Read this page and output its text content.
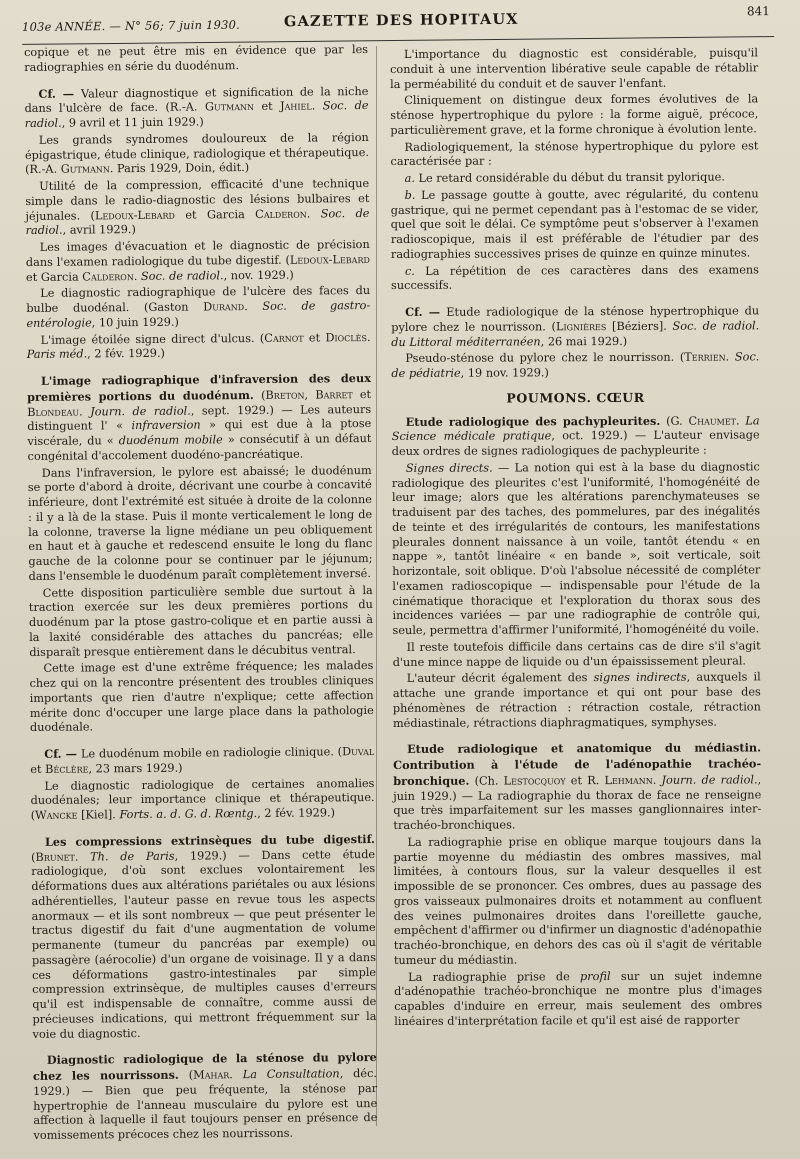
103e ANNÉE. — N° 56; 7 juin 1930.	GAZETTE DES HOPITAUX	841

copique et ne peut être mis en évidence que par les radiographies en série du duodénum.

Cf. — Valeur diagnostique et signification de la niche dans l'ulcère de face. (R.-A. Gutmann et Jahiel. Soc. de radiol., 9 avril et 11 juin 1929.)

Les grands syndromes douloureux de la région épigastrique, étude clinique, radiologique et thérapeutique. (R.-A. Gutmann. Paris 1929, Doin, édit.)

Utilité de la compression, efficacité d'une technique simple dans le radio-diagnostic des lésions bulbaires et jéjunales. (Ledoux-Lebard et Garcia Calderon. Soc. de radiol., avril 1929.)

Les images d'évacuation et le diagnostic de précision dans l'examen radiologique du tube digestif. (Ledoux-Lebard et Garcia Calderon. Soc. de radiol., nov. 1929.)

Le diagnostic radiographique de l'ulcère des faces du bulbe duodénal. (Gaston Durand. Soc. de gastro-entérologie, 10 juin 1929.)

L'image étoilée signe direct d'ulcus. (Carnot et Dioclès. Paris méd., 2 fév. 1929.)

L'image radiographique d'infraversion des deux premières portions du duodénum. (Breton, Barret et Blondeau. Journ. de radiol., sept. 1929.) — Les auteurs distinguent l' « infraversion » qui est due à la ptose viscérale, du « duodénum mobile » consécutif à un défaut congénital d'accolement duodéno-pancréatique.

Dans l'infraversion, le pylore est abaissé; le duodénum se porte d'abord à droite, décrivant une courbe à concavité inférieure, dont l'extrémité est située à droite de la colonne : il y a là de la stase. Puis il monte verticalement le long de la colonne, traverse la ligne médiane un peu obliquement en haut et à gauche et redescend ensuite le long du flanc gauche de la colonne pour se continuer par le jéjunum; dans l'ensemble le duodénum paraît complètement inversé.

Cette disposition particulière semble due surtout à la traction exercée sur les deux premières portions du duodénum par la ptose gastro-colique et en partie aussi à la laxité considérable des attaches du pancréas; elle disparaît presque entièrement dans le décubitus ventral.

Cette image est d'une extrême fréquence; les malades chez qui on la rencontre présentent des troubles cliniques importants que rien d'autre n'explique; cette affection mérite donc d'occuper une large place dans la pathologie duodénale.

Cf. — Le duodénum mobile en radiologie clinique. (Duval et Béclère, 23 mars 1929.)

Le diagnostic radiologique de certaines anomalies duodénales; leur importance clinique et thérapeutique. (Wancke [Kiel]. Forts. a. d. G. d. Rœntg., 2 fév. 1929.)

Les compressions extrinsèques du tube digestif. (Brunet. Th. de Paris, 1929.) — Dans cette étude radiologique, d'où sont exclues volontairement les déformations dues aux altérations pariétales ou aux lésions adhérentielles, l'auteur passe en revue tous les aspects anormaux — et ils sont nombreux — que peut présenter le tractus digestif du fait d'une augmentation de volume permanente (tumeur du pancréas par exemple) ou passagère (aérocolie) d'un organe de voisinage. Il y a dans ces déformations gastro-intestinales par simple compression extrinsèque, de multiples causes d'erreurs qu'il est indispensable de connaître, comme aussi de précieuses indications, qui mettront fréquemment sur la voie du diagnostic.

Diagnostic radiologique de la sténose du pylore chez les nourrissons. (Mahar. La Consultation, déc. 1929.) — Bien que peu fréquente, la sténose par hypertrophie de l'anneau musculaire du pylore est une affection à laquelle il faut toujours penser en présence de vomissements précoces chez les nourrissons.

L'importance du diagnostic est considérable, puisqu'il conduit à une intervention libérative seule capable de rétablir la perméabilité du conduit et de sauver l'enfant.

Cliniquement on distingue deux formes évolutives de la sténose hypertrophique du pylore : la forme aiguë, précoce, particulièrement grave, et la forme chronique à évolution lente.

Radiologiquement, la sténose hypertrophique du pylore est caractérisée par :

a. Le retard considérable du début du transit pylorique.

b. Le passage goutte à goutte, avec régularité, du contenu gastrique, qui ne permet cependant pas à l'estomac de se vider, quel que soit le délai. Ce symptôme peut s'observer à l'examen radioscopique, mais il est préférable de l'étudier par des radiographies successives prises de quinze en quinze minutes.

c. La répétition de ces caractères dans des examens successifs.

Cf. — Etude radiologique de la sténose hypertrophique du pylore chez le nourrisson. (Lignières [Béziers]. Soc. de radiol. du Littoral méditerranéen, 26 mai 1929.)

Pseudo-sténose du pylore chez le nourrisson. (Terrien. Soc. de pédiatrie, 19 nov. 1929.)

POUMONS. CŒUR

Etude radiologique des pachypleurites. (G. Chaumet. La Science médicale pratique, oct. 1929.) — L'auteur envisage deux ordres de signes radiologiques de pachypleurite :

Signes directs. — La notion qui est à la base du diagnostic radiologique des pleurites c'est l'uniformité, l'homogénéité de leur image; alors que les altérations parenchymateuses se traduisent par des taches, des pommelures, par des inégalités de teinte et des irrégularités de contours, les manifestations pleurales donnent naissance à un voile, tantôt étendu « en nappe », tantôt linéaire « en bande », soit verticale, soit horizontale, soit oblique. D'où l'absolue nécessité de compléter l'examen radioscopique — indispensable pour l'étude de la cinématique thoracique et l'exploration du thorax sous des incidences variées — par une radiographie de contrôle qui, seule, permettra d'affirmer l'uniformité, l'homogénéité du voile.

Il reste toutefois difficile dans certains cas de dire s'il s'agit d'une mince nappe de liquide ou d'un épaississement pleural.

L'auteur décrit également des signes indirects, auxquels il attache une grande importance et qui ont pour base des phénomènes de rétraction : rétraction costale, rétraction médiastinale, rétractions diaphragmatiques, symphyses.

Etude radiologique et anatomique du médiastin. Contribution à l'étude de l'adénopathie trachéo-bronchique. (Ch. Lestocquoy et R. Lehmann. Journ. de radiol., juin 1929.) — La radiographie du thorax de face ne renseigne que très imparfaitement sur les masses ganglionnaires inter-trachéo-bronchiques.

La radiographie prise en oblique marque toujours dans la partie moyenne du médiastin des ombres massives, mal limitées, à contours flous, sur la valeur desquelles il est impossible de se prononcer. Ces ombres, dues au passage des gros vaisseaux pulmonaires droits et notamment au confluent des veines pulmonaires droites dans l'oreillette gauche, empêchent d'affirmer ou d'infirmer un diagnostic d'adénopathie trachéo-bronchique, en dehors des cas où il s'agit de véritable tumeur du médiastin.

La radiographie prise de profil sur un sujet indemne d'adénopathie trachéo-bronchique ne montre plus d'images capables d'induire en erreur, mais seulement des ombres linéaires d'interprétation facile et qu'il est aisé de rapporter
